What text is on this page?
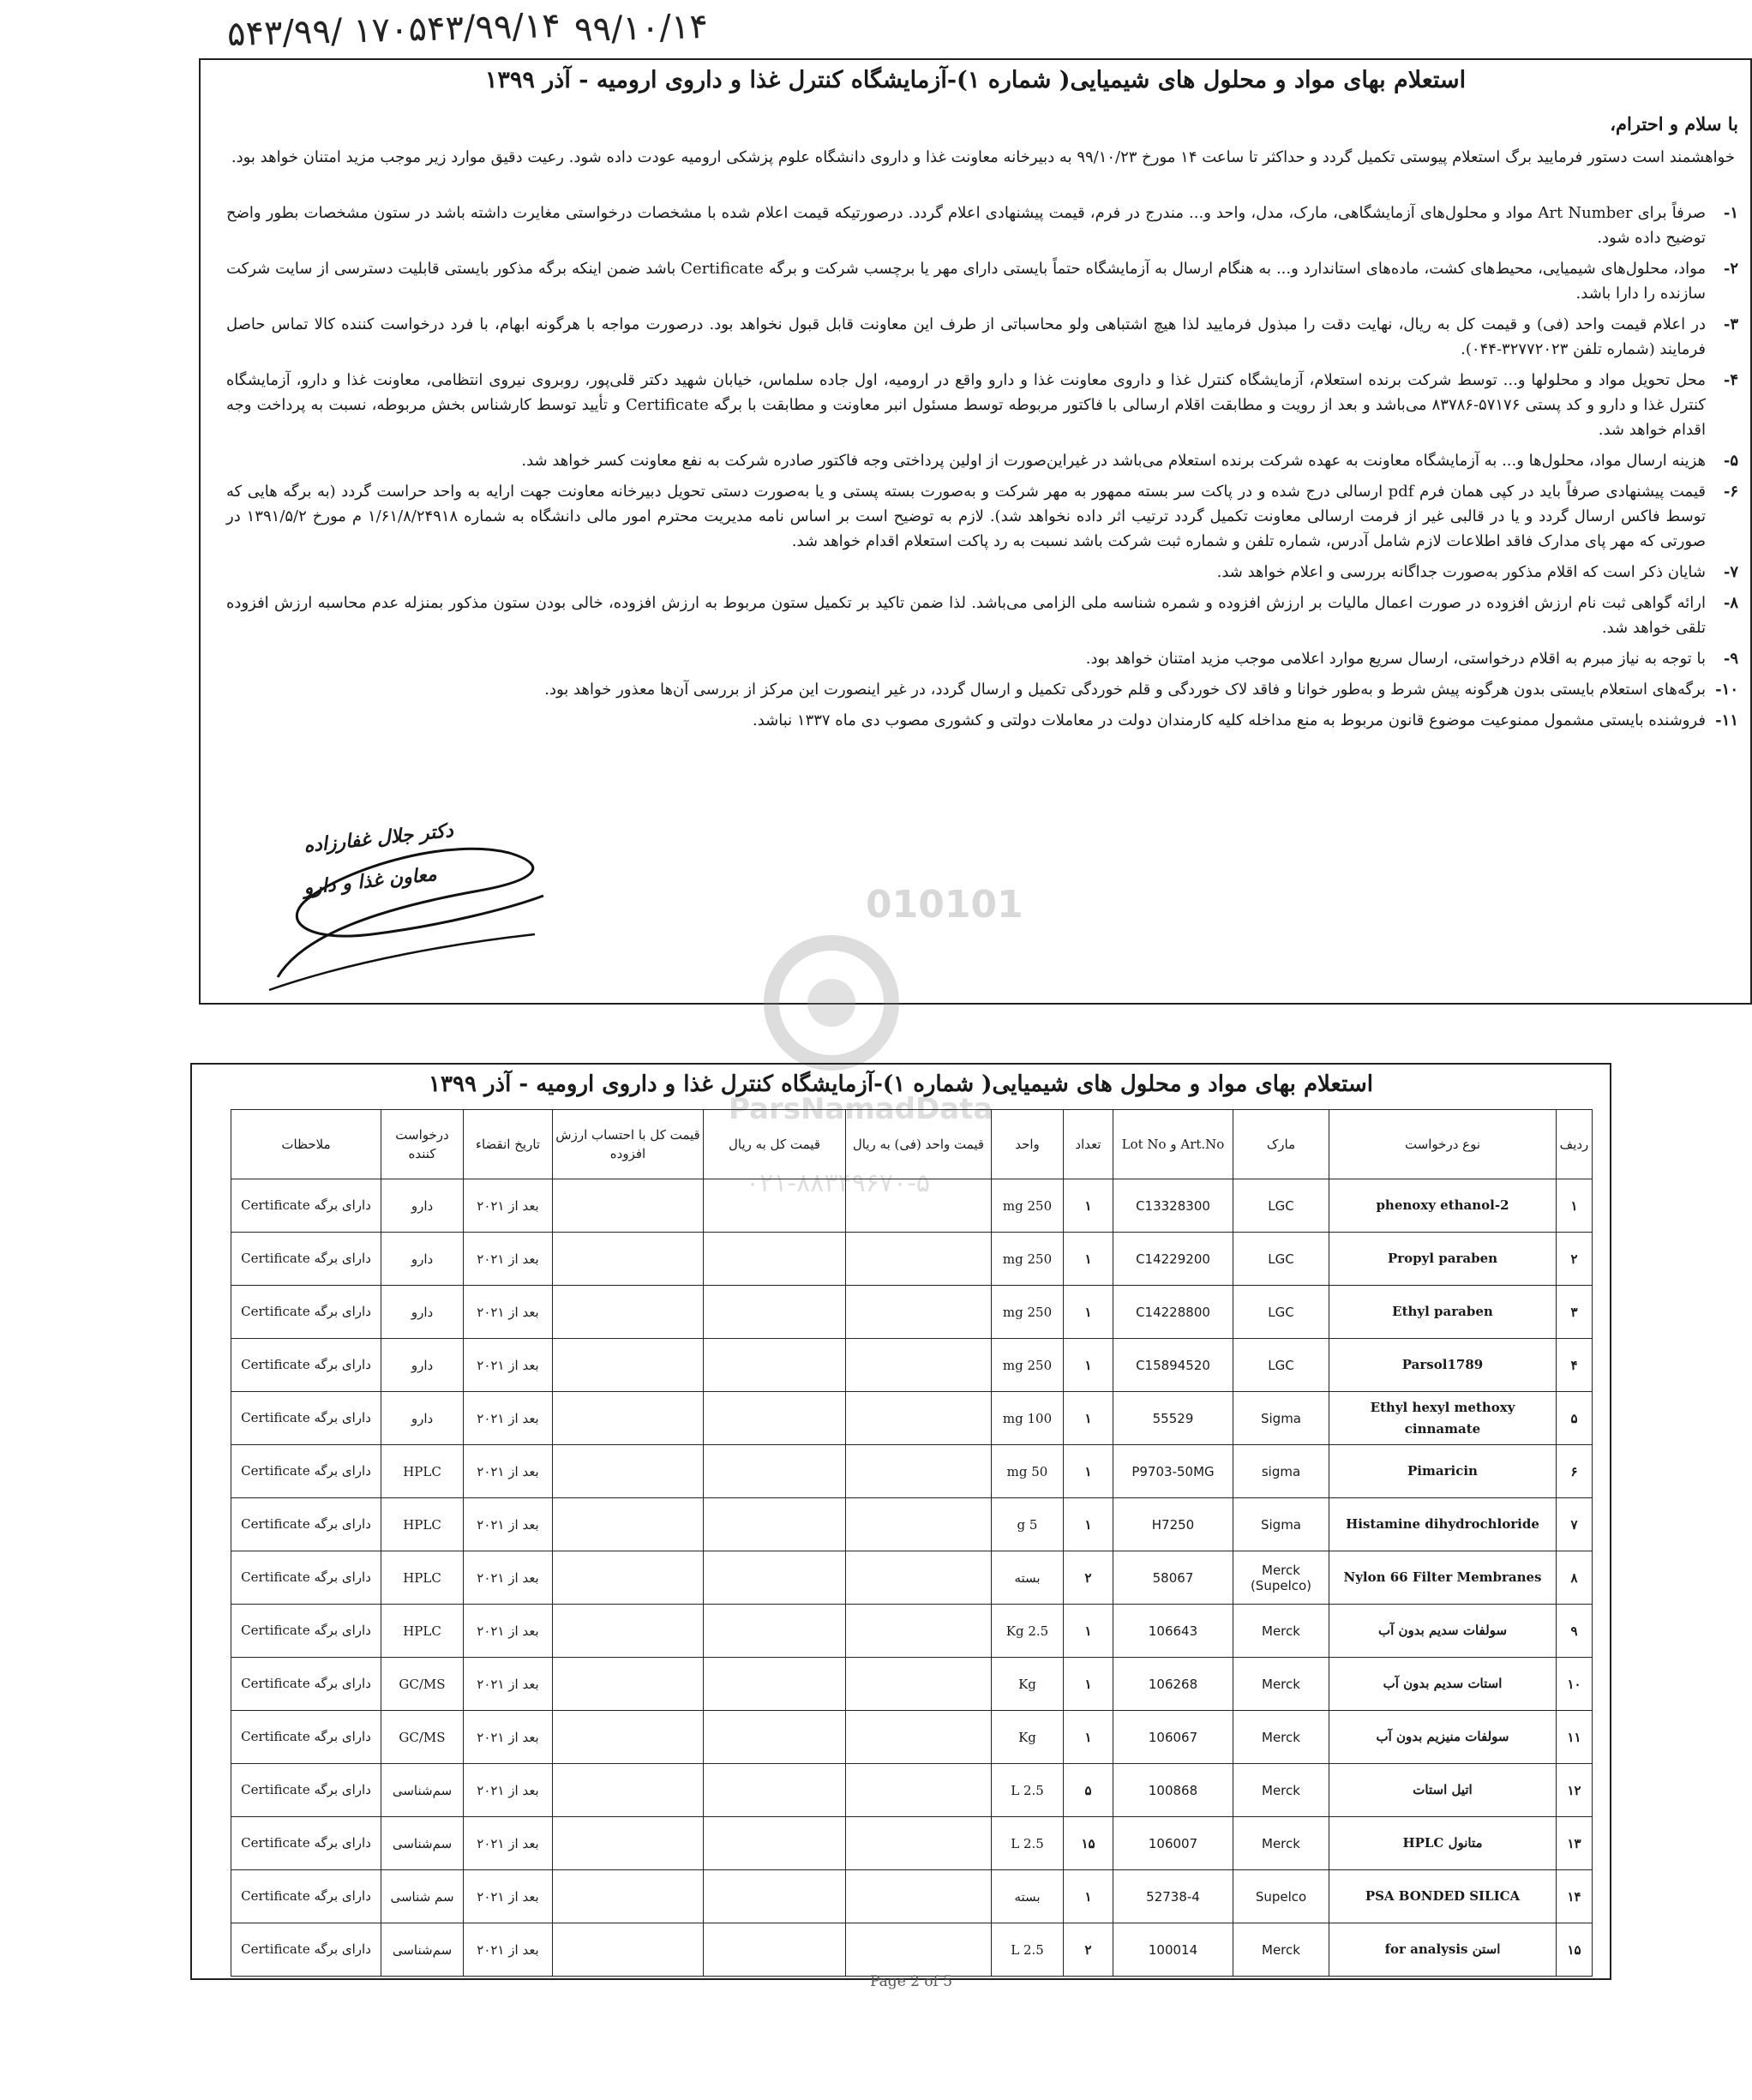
۵۴۳/۹۹/ ۱۷۰۵۴۳/۹۹/۱۴ ۹۹/۱۰/۱۴
استعلام بهای مواد و محلول های شیمیایی( شماره ۱)-آزمایشگاه کنترل غذا و داروی ارومیه - آذر ۱۳۹۹
با سلام و احترام،
خواهشمند است دستور فرمایید برگ استعلام پیوستی تکمیل گردد و حداکثر تا ساعت ۱۴ مورخ ۹۹/۱۰/۲۳ به دبیرخانه معاونت غذا و داروی دانشگاه علوم پزشکی ارومیه عودت داده شود. رعیت دقیق موارد زیر موجب مزید امتنان خواهد بود.
۱-
صرفاً برای Art Number مواد و محلول‌های آزمایشگاهی، مارک، مدل، واحد و... مندرج در فرم، قیمت پیشنهادی اعلام گردد. درصورتیکه قیمت اعلام شده با مشخصات درخواستی مغایرت داشته باشد در ستون مشخصات بطور واضح توضیح داده شود.
۲-
مواد، محلول‌های شیمیایی، محیط‌های کشت، ماده‌های استاندارد و... به هنگام ارسال به آزمایشگاه حتماً بایستی دارای مهر یا برچسب شرکت و برگه Certificate باشد ضمن اینکه برگه مذکور بایستی قابلیت دسترسی از سایت شرکت سازنده را دارا باشد.
۳-
در اعلام قیمت واحد (فی) و قیمت کل به ریال، نهایت دقت را مبذول فرمایید لذا هیچ اشتباهی ولو محاسباتی از طرف این معاونت قابل قبول نخواهد بود. درصورت مواجه با هرگونه ابهام، با فرد درخواست کننده کالا تماس حاصل فرمایند (شماره تلفن ۳۲۷۷۲۰۲۳-۰۴۴).
۴-
محل تحویل مواد و محلولها و... توسط شرکت برنده استعلام، آزمایشگاه کنترل غذا و داروی معاونت غذا و دارو واقع در ارومیه، اول جاده سلماس، خیابان شهید دکتر قلی‌پور، روبروی نیروی انتظامی، معاونت غذا و دارو، آزمایشگاه کنترل غذا و دارو و کد پستی ۵۷۱۷۶-۸۳۷۸۶ می‌باشد و بعد از رویت و مطابقت اقلام ارسالی با فاکتور مربوطه توسط مسئول انبر معاونت و مطابقت با برگه Certificate و تأیید توسط کارشناس بخش مربوطه، نسبت به پرداخت وجه اقدام خواهد شد.
۵-
هزینه ارسال مواد، محلول‌ها و... به آزمایشگاه معاونت به عهده شرکت برنده استعلام می‌باشد در غیراین‌صورت از اولین پرداختی وجه فاکتور صادره شرکت به نفع معاونت کسر خواهد شد.
۶-
قیمت پیشنهادی صرفاً باید در کپی همان فرم pdf ارسالی درج شده و در پاکت سر بسته ممهور به مهر شرکت و به‌صورت بسته پستی و یا به‌صورت دستی تحویل دبیرخانه معاونت جهت ارایه به واحد حراست گردد (به برگه هایی که توسط فاکس ارسال گردد و یا در قالبی غیر از فرمت ارسالی معاونت تکمیل گردد ترتیب اثر داده نخواهد شد). لازم به توضیح است بر اساس نامه مدیریت محترم امور مالی دانشگاه به شماره ۱/۶۱/۸/۲۴۹۱۸ م مورخ ۱۳۹۱/۵/۲ در صورتی که مهر پای مدارک فاقد اطلاعات لازم شامل آدرس، شماره تلفن و شماره ثبت شرکت باشد نسبت به رد پاکت استعلام اقدام خواهد شد.
۷-
شایان ذکر است که اقلام مذکور به‌صورت جداگانه بررسی و اعلام خواهد شد.
۸-
ارائه گواهی ثبت نام ارزش افزوده در صورت اعمال مالیات بر ارزش افزوده و شمره شناسه ملی الزامی می‌باشد. لذا ضمن تاکید بر تکمیل ستون مربوط به ارزش افزوده، خالی بودن ستون مذکور بمنزله عدم محاسبه ارزش افزوده تلقی خواهد شد.
۹-
با توجه به نیاز مبرم به اقلام درخواستی، ارسال سریع موارد اعلامی موجب مزید امتنان خواهد بود.
۱۰-
برگه‌های استعلام بایستی بدون هرگونه پیش شرط و به‌طور خوانا و فاقد لاک خوردگی و قلم خوردگی تکمیل و ارسال گردد، در غیر اینصورت این مرکز از بررسی آن‌ها معذور خواهد بود.
۱۱-
فروشنده بایستی مشمول ممنوعیت موضوع قانون مربوط به منع مداخله کلیه کارمندان دولت در معاملات دولتی و کشوری مصوب دی ماه ۱۳۳۷ نباشد.
دکتر جلال غفارزاده
معاون غذا و دارو
010101
ParsNamadData
۰۲۱-۸۸۳۴۹۶۷۰-۵
استعلام بهای مواد و محلول های شیمیایی( شماره ۱)-آزمایشگاه کنترل غذا و داروی ارومیه - آذر ۱۳۹۹
ردیف	نوع درخواست	مارک	Art.No و Lot No	تعداد	واحد	قیمت واحد (فی) به ریال	قیمت کل به ریال	قیمت کل با احتساب ارزش افزوده	تاریخ انقضاء	درخواست کننده	ملاحظات
۱	2-phenoxy ethanol	LGC	C13328300	۱	250 mg				بعد از ۲۰۲۱	دارو	دارای برگه Certificate
۲	Propyl paraben	LGC	C14229200	۱	250 mg				بعد از ۲۰۲۱	دارو	دارای برگه Certificate
۳	Ethyl paraben	LGC	C14228800	۱	250 mg				بعد از ۲۰۲۱	دارو	دارای برگه Certificate
۴	Parsol1789	LGC	C15894520	۱	250 mg				بعد از ۲۰۲۱	دارو	دارای برگه Certificate
۵	Ethyl hexyl methoxy cinnamate	Sigma	55529	۱	100 mg				بعد از ۲۰۲۱	دارو	دارای برگه Certificate
۶	Pimaricin	sigma	P9703-50MG	۱	50 mg				بعد از ۲۰۲۱	HPLC	دارای برگه Certificate
۷	Histamine dihydrochloride	Sigma	H7250	۱	5 g				بعد از ۲۰۲۱	HPLC	دارای برگه Certificate
۸	Nylon 66 Filter Membranes	Merck (Supelco)	58067	۲	بسته				بعد از ۲۰۲۱	HPLC	دارای برگه Certificate
۹	سولفات سدیم بدون آب	Merck	106643	۱	2.5 Kg				بعد از ۲۰۲۱	HPLC	دارای برگه Certificate
۱۰	استات سدیم بدون آب	Merck	106268	۱	Kg				بعد از ۲۰۲۱	GC/MS	دارای برگه Certificate
۱۱	سولفات منیزیم بدون آب	Merck	106067	۱	Kg				بعد از ۲۰۲۱	GC/MS	دارای برگه Certificate
۱۲	اتیل استات	Merck	100868	۵	2.5 L				بعد از ۲۰۲۱	سم‌شناسی	دارای برگه Certificate
۱۳	متانول HPLC	Merck	106007	۱۵	2.5 L				بعد از ۲۰۲۱	سم‌شناسی	دارای برگه Certificate
۱۴	PSA BONDED SILICA	Supelco	52738-4	۱	بسته				بعد از ۲۰۲۱	سم شناسی	دارای برگه Certificate
۱۵	استن for analysis	Merck	100014	۲	2.5 L				بعد از ۲۰۲۱	سم‌شناسی	دارای برگه Certificate
Page 2 of 5
